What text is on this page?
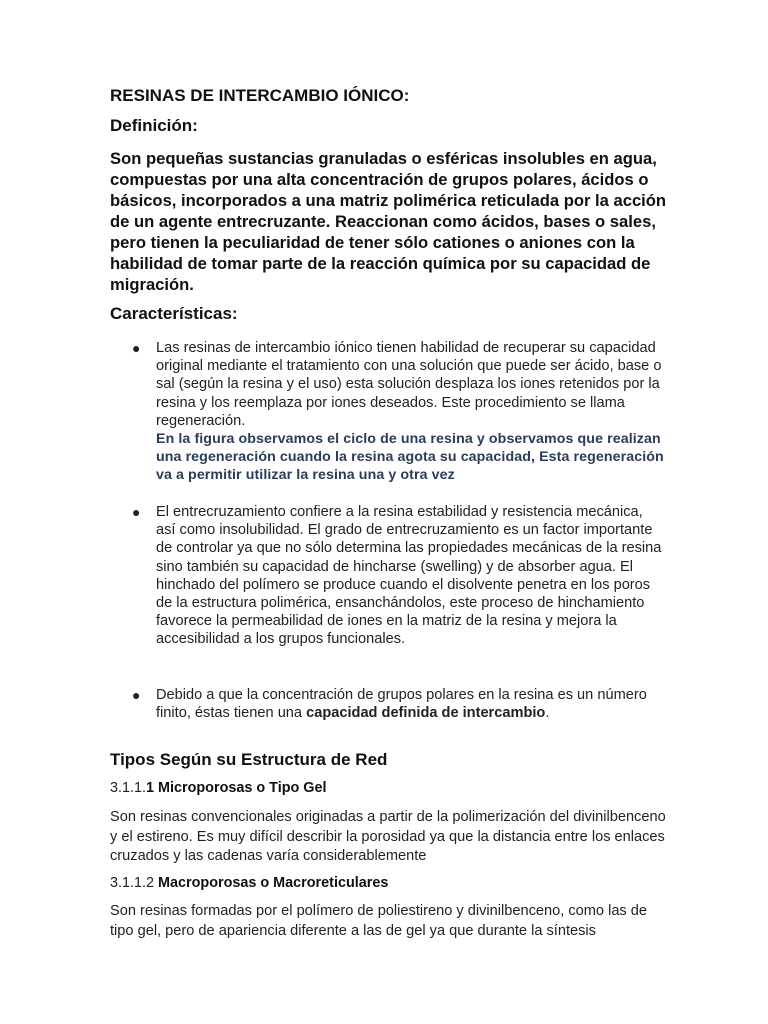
RESINAS DE INTERCAMBIO IÓNICO:
Definición:
Son pequeñas sustancias granuladas o esféricas insolubles en agua, compuestas por una alta concentración de grupos polares, ácidos o básicos, incorporados a una matriz polimérica reticulada por la acción de un agente entrecruzante. Reaccionan como ácidos, bases o sales, pero tienen la peculiaridad de tener sólo cationes o aniones con la habilidad de tomar parte de la reacción química por su capacidad de migración.
Características:
● Las resinas de intercambio iónico tienen habilidad de recuperar su capacidad original mediante el tratamiento con una solución que puede ser ácido, base o sal (según la resina y el uso) esta solución desplaza los iones retenidos por la resina y los reemplaza por iones deseados. Este procedimiento se llama regeneración.
En la figura observamos el ciclo de una resina y observamos que realizan una regeneración cuando la resina agota su capacidad, Esta regeneración va a permitir utilizar la resina una y otra vez
● El entrecruzamiento confiere a la resina estabilidad y resistencia mecánica, así como insolubilidad. El grado de entrecruzamiento es un factor importante de controlar ya que no sólo determina las propiedades mecánicas de la resina sino también su capacidad de hincharse (swelling) y de absorber agua. El hinchado del polímero se produce cuando el disolvente penetra en los poros de la estructura polimérica, ensanchándolos, este proceso de hinchamiento favorece la permeabilidad de iones en la matriz de la resina y mejora la accesibilidad a los grupos funcionales.
● Debido a que la concentración de grupos polares en la resina es un número finito, éstas tienen una capacidad definida de intercambio.
Tipos Según su Estructura de Red
3.1.1.1 Microporosas o Tipo Gel
Son resinas convencionales originadas a partir de la polimerización del divinilbenceno y el estireno. Es muy difícil describir la porosidad ya que la distancia entre los enlaces cruzados y las cadenas varía considerablemente
3.1.1.2 Macroporosas o Macroreticulares
Son resinas formadas por el polímero de poliestireno y divinilbenceno, como las de tipo gel, pero de apariencia diferente a las de gel ya que durante la síntesis
